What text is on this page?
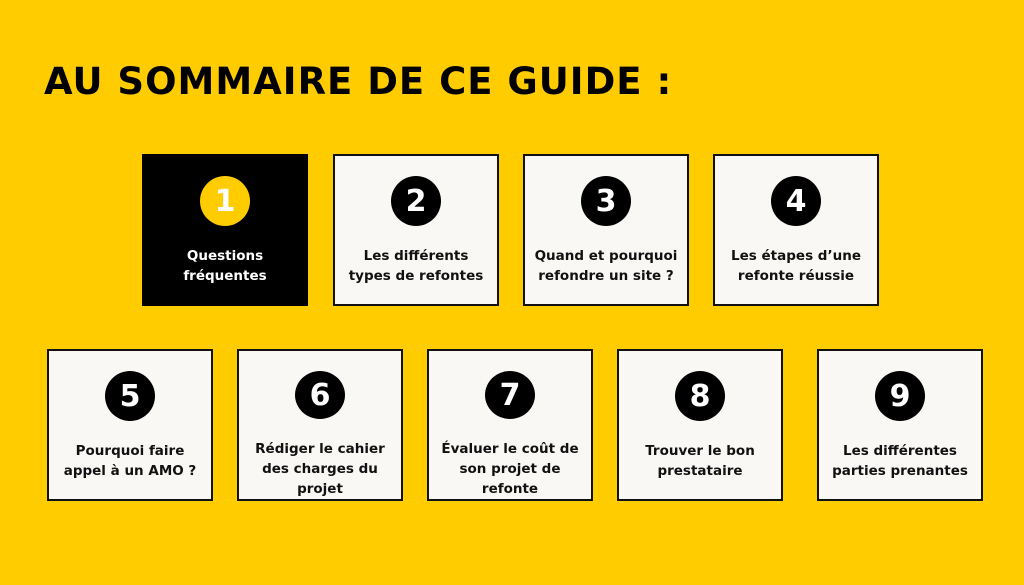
AU SOMMAIRE DE CE GUIDE :
1
Questions fréquentes
2
Les différents types de refontes
3
Quand et pourquoi refondre un site ?
4
Les étapes d’une refonte réussie
5
Pourquoi faire appel à un AMO ?
6
Rédiger le cahier des charges du projet
7
Évaluer le coût de son projet de refonte
8
Trouver le bon prestataire
9
Les différentes parties prenantes
